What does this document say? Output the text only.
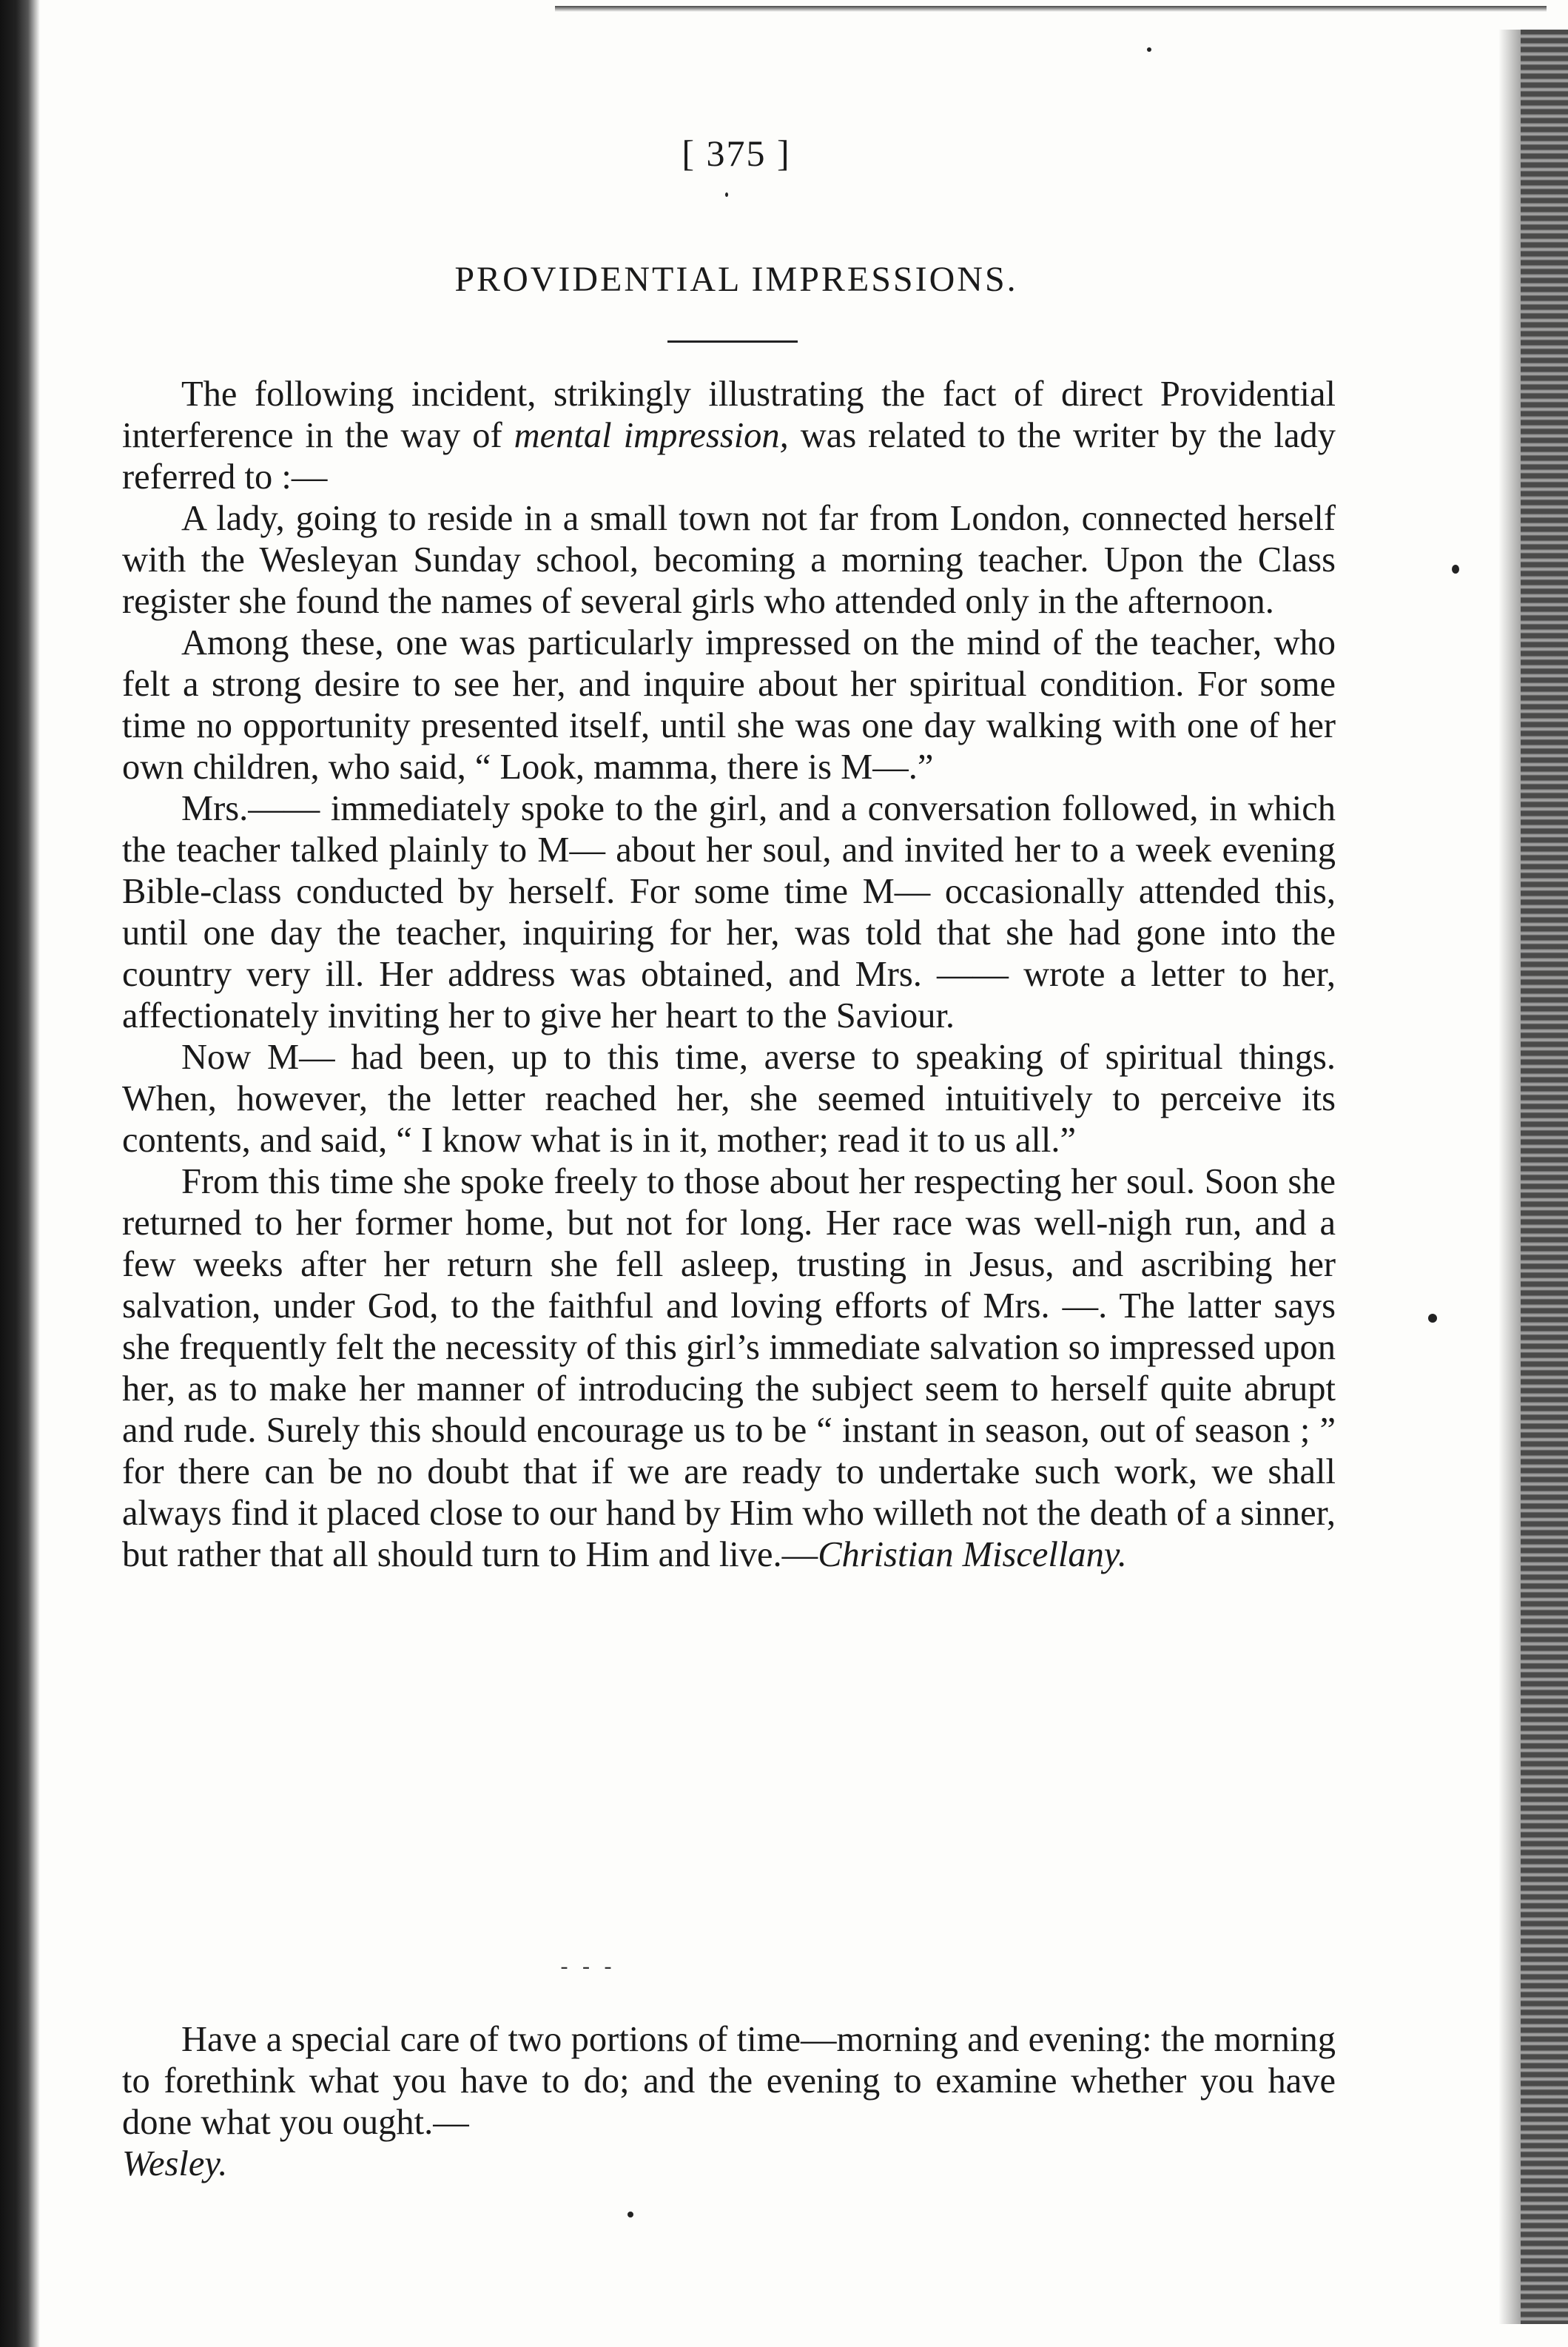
[ 375 ]
PROVIDENTIAL IMPRESSIONS.

The following incident, strikingly illustrating the fact of direct Providential interference in the way of mental impression, was related to the writer by the lady referred to :—

A lady, going to reside in a small town not far from London, connected herself with the Wesleyan Sunday school, becoming a morning teacher. Upon the Class register she found the names of several girls who attended only in the afternoon.

Among these, one was particularly impressed on the mind of the teacher, who felt a strong desire to see her, and inquire about her spiritual condition. For some time no opportunity presented itself, until she was one day walking with one of her own children, who said, “ Look, mamma, there is M—.”

Mrs.—— immediately spoke to the girl, and a conversation followed, in which the teacher talked plainly to M— about her soul, and invited her to a week evening Bible-class conducted by herself. For some time M— occasionally attended this, until one day the teacher, inquiring for her, was told that she had gone into the country very ill. Her address was obtained, and Mrs. —— wrote a letter to her, affectionately inviting her to give her heart to the Saviour.

Now M— had been, up to this time, averse to speaking of spiritual things. When, however, the letter reached her, she seemed intuitively to perceive its contents, and said, “ I know what is in it, mother; read it to us all.”

From this time she spoke freely to those about her respecting her soul. Soon she returned to her former home, but not for long. Her race was well-nigh run, and a few weeks after her return she fell asleep, trusting in Jesus, and ascribing her salvation, under God, to the faithful and loving efforts of Mrs. —. The latter says she frequently felt the necessity of this girl’s immediate salvation so impressed upon her, as to make her manner of introducing the subject seem to herself quite abrupt and rude. Surely this should encourage us to be “ instant in season, out of season ; ” for there can be no doubt that if we are ready to undertake such work, we shall always find it placed close to our hand by Him who willeth not the death of a sinner, but rather that all should turn to Him and live.—Christian Miscellany.

- - -

Have a special care of two portions of time—morning and evening: the morning to forethink what you have to do; and the evening to examine whether you have done what you ought.—
Wesley.
